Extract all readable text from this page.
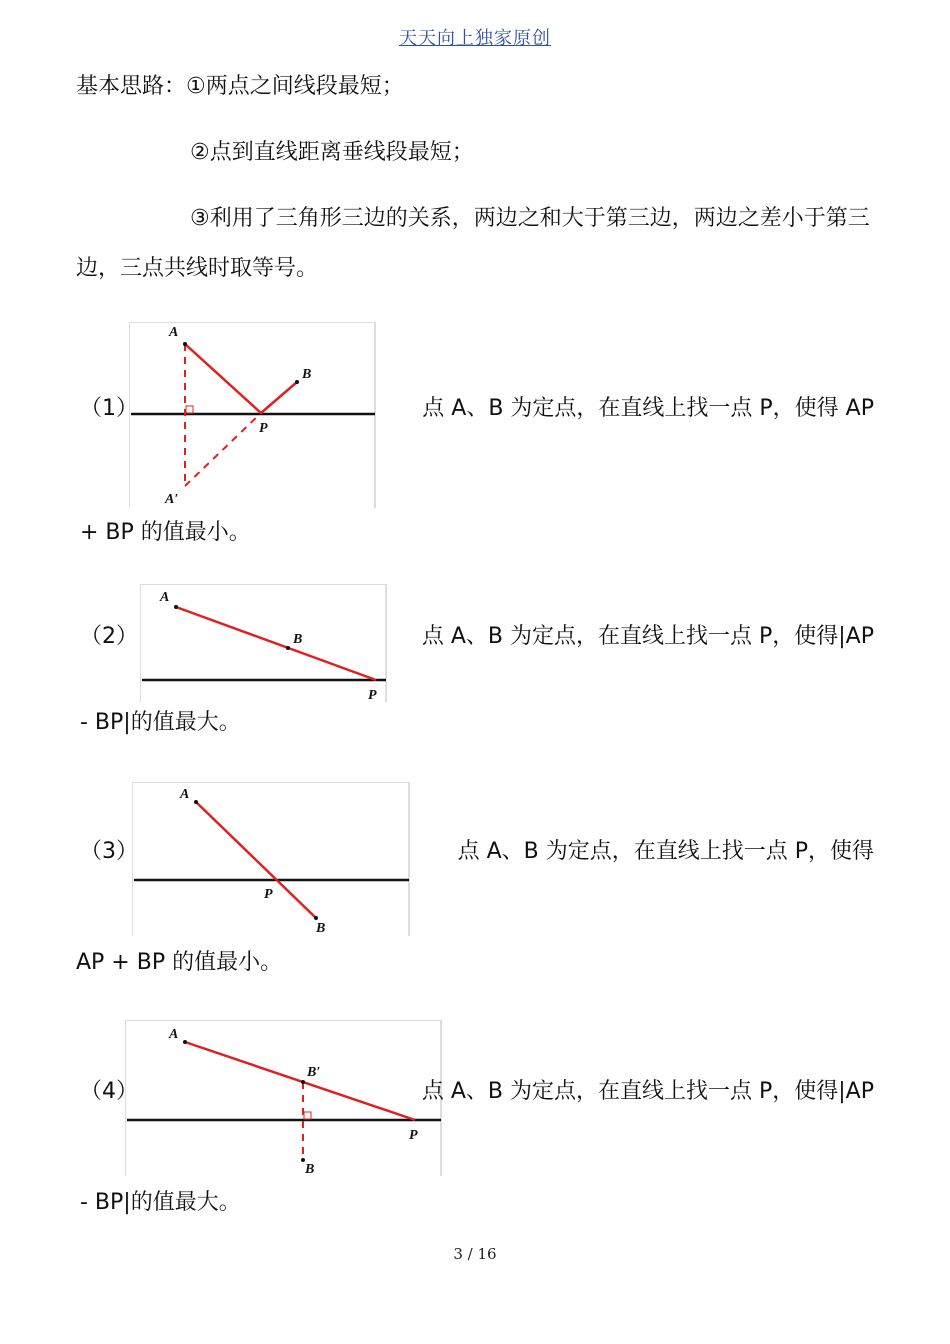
天天向上独家原创
基本思路：①两点之间线段最短；
②点到直线距离垂线段最短；
③利用了三角形三边的关系，两边之和大于第三边，两边之差小于第三
边，三点共线时取等号。
（1）
A
B
P
A′
点 A、B 为定点，在直线上找一点 P，使得 AP
+ BP 的值最小。
（2）
A
B
P
点 A、B 为定点，在直线上找一点 P，使得|AP
- BP|的值最大。
（3）
A
P
B
点 A、B 为定点，在直线上找一点 P，使得
AP + BP 的值最小。
（4）
A
B′
P
B
点 A、B 为定点，在直线上找一点 P，使得|AP
- BP|的值最大。
3 / 16
